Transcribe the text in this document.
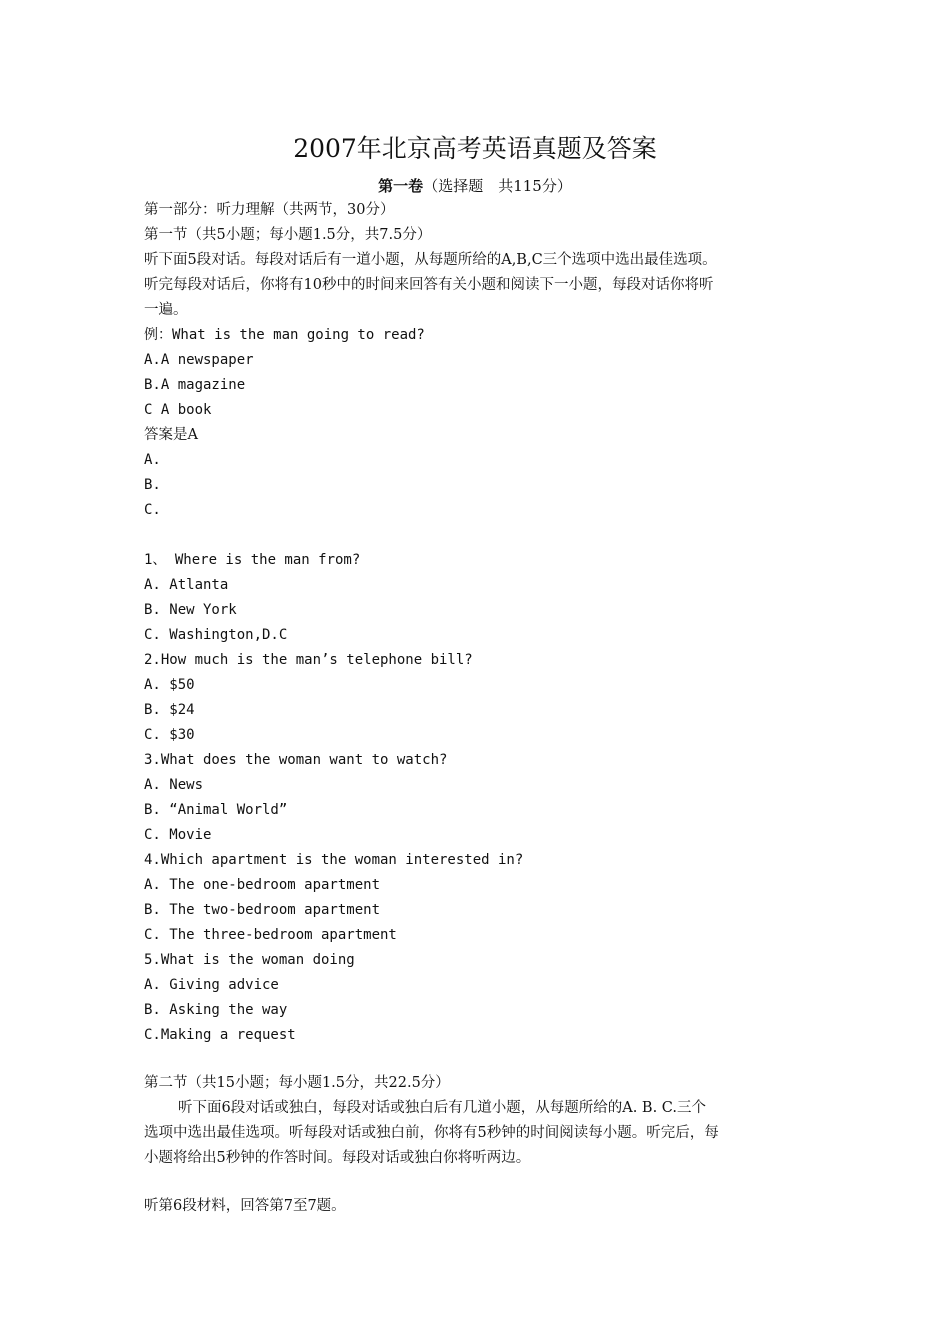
2007年北京高考英语真题及答案
第一卷（选择题　共115分）
第一部分：听力理解（共两节，30分）
第一节（共5小题；每小题1.5分，共7.5分）
听下面5段对话。每段对话后有一道小题，从每题所给的A,B,C三个选项中选出最佳选项。
听完每段对话后，你将有10秒中的时间来回答有关小题和阅读下一小题，每段对话你将听
一遍。
例：What is the man going to read?
A.A newspaper
B.A magazine
C A book
答案是A
A.
B.
C.
1、 Where is the man from?
A. Atlanta
B. New York
C. Washington,D.C
2.How much is the man’s telephone bill?
A. $50
B. $24
C. $30
3.What does the woman want to watch?
A. News
B. “Animal World”
C. Movie
4.Which apartment is the woman interested in?
A. The one-bedroom apartment
B. The two-bedroom apartment
C. The three-bedroom apartment
5.What is the woman doing
A. Giving advice
B. Asking the way
C.Making a request
第二节（共15小题；每小题1.5分，共22.5分）
听下面6段对话或独白，每段对话或独白后有几道小题，从每题所给的A. B. C.三个
选项中选出最佳选项。听每段对话或独白前，你将有5秒钟的时间阅读每小题。听完后，每
小题将给出5秒钟的作答时间。每段对话或独白你将听两边。
听第6段材料，回答第7至7题。
